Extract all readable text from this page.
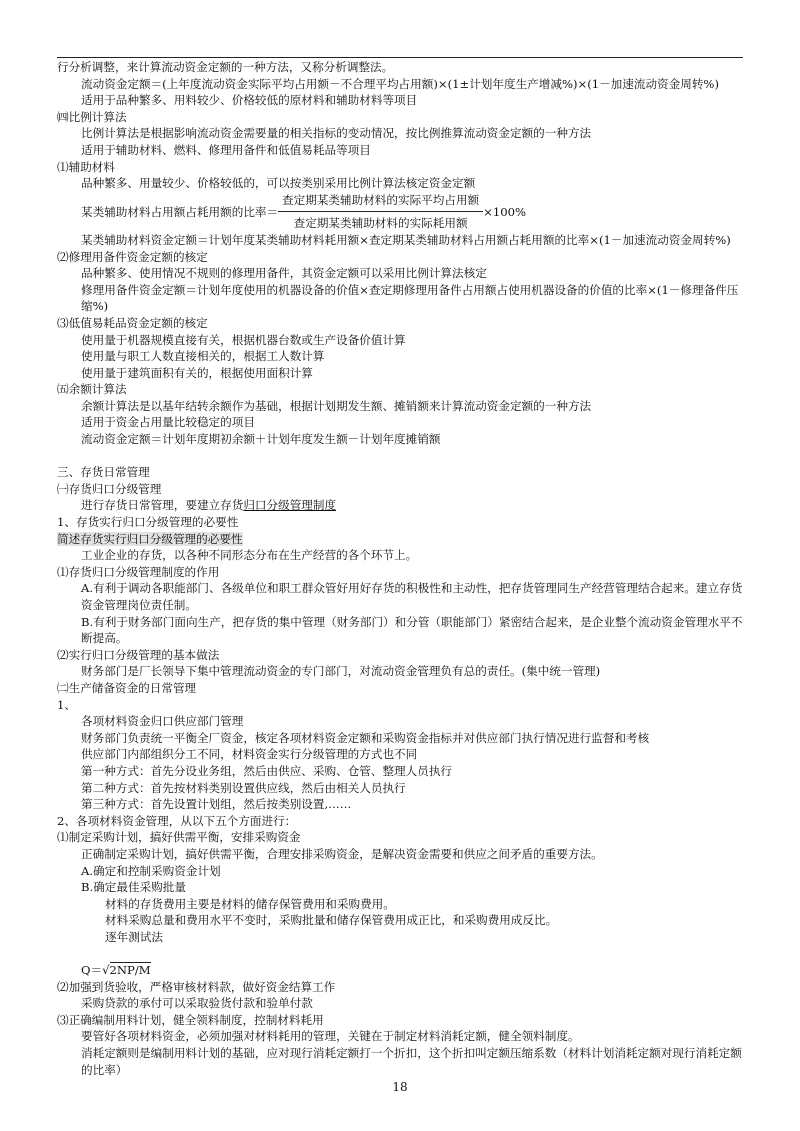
行分析调整，来计算流动资金定额的一种方法，又称分析调整法。
流动资金定额＝(上年度流动资金实际平均占用额－不合理平均占用额)×(1±计划年度生产增减%)×(1－加速流动资金周转%)
适用于品种繁多、用料较少、价格较低的原材料和辅助材料等项目
㈣比例计算法
比例计算法是根据影响流动资金需要量的相关指标的变动情况，按比例推算流动资金定额的一种方法
适用于辅助材料、燃料、修理用备件和低值易耗品等项目
⑴辅助材料
品种繁多、用量较少、价格较低的，可以按类别采用比例计算法核定资金定额
某类辅助材料占用额占耗用额的比率＝
查定期某类辅助材料的实际平均占用额
查定期某类辅助材料的实际耗用额
×100%
某类辅助材料资金定额＝计划年度某类辅助材料耗用额×查定期某类辅助材料占用额占耗用额的比率×(1－加速流动资金周转%)
⑵修理用备件资金定额的核定
品种繁多、使用情况不规则的修理用备件，其资金定额可以采用比例计算法核定
修理用备件资金定额＝计划年度使用的机器设备的价值×查定期修理用备件占用额占使用机器设备的价值的比率×(1－修理备件压缩%)
⑶低值易耗品资金定额的核定
使用量于机器规模直接有关，根据机器台数或生产设备价值计算
使用量与职工人数直接相关的，根据工人数计算
使用量于建筑面积有关的，根据使用面积计算
㈤余额计算法
余额计算法是以基年结转余额作为基础，根据计划期发生额、摊销额来计算流动资金定额的一种方法
适用于资金占用量比较稳定的项目
流动资金定额＝计划年度期初余额＋计划年度发生额－计划年度摊销额
三、存货日常管理
㈠存货归口分级管理
进行存货日常管理，要建立存货归口分级管理制度
1、存货实行归口分级管理的必要性
简述存货实行归口分级管理的必要性
工业企业的存货，以各种不同形态分布在生产经营的各个环节上。
⑴存货归口分级管理制度的作用
A.有利于调动各职能部门、各级单位和职工群众管好用好存货的积极性和主动性，把存货管理同生产经营管理结合起来。建立存货资金管理岗位责任制。
B.有利于财务部门面向生产，把存货的集中管理（财务部门）和分管（职能部门）紧密结合起来，是企业整个流动资金管理水平不断提高。
⑵实行归口分级管理的基本做法
财务部门是厂长领导下集中管理流动资金的专门部门，对流动资金管理负有总的责任。(集中统一管理)
㈡生产储备资金的日常管理
1、
各项材料资金归口供应部门管理
财务部门负责统一平衡全厂资金，核定各项材料资金定额和采购资金指标并对供应部门执行情况进行监督和考核
供应部门内部组织分工不同，材料资金实行分级管理的方式也不同
第一种方式：首先分设业务组，然后由供应、采购、仓管、整理人员执行
第二种方式：首先按材料类别设置供应线，然后由相关人员执行
第三种方式：首先设置计划组，然后按类别设置,……
2、各项材料资金管理，从以下五个方面进行：
⑴制定采购计划，搞好供需平衡，安排采购资金
正确制定采购计划，搞好供需平衡，合理安排采购资金，是解决资金需要和供应之间矛盾的重要方法。
A.确定和控制采购资金计划
B.确定最佳采购批量
材料的存货费用主要是材料的储存保管费用和采购费用。
材料采购总量和费用水平不变时，采购批量和储存保管费用成正比，和采购费用成反比。
逐年测试法
Q＝√2NP/M
⑵加强到货验收，严格审核材料款，做好资金结算工作
采购贷款的承付可以采取验货付款和验单付款
⑶正确编制用料计划，健全领料制度，控制材料耗用
要管好各项材料资金，必须加强对材料耗用的管理，关键在于制定材料消耗定额，健全领料制度。
消耗定额则是编制用料计划的基础，应对现行消耗定额打一个折扣，这个折扣叫定额压缩系数（材料计划消耗定额对现行消耗定额的比率）
18
